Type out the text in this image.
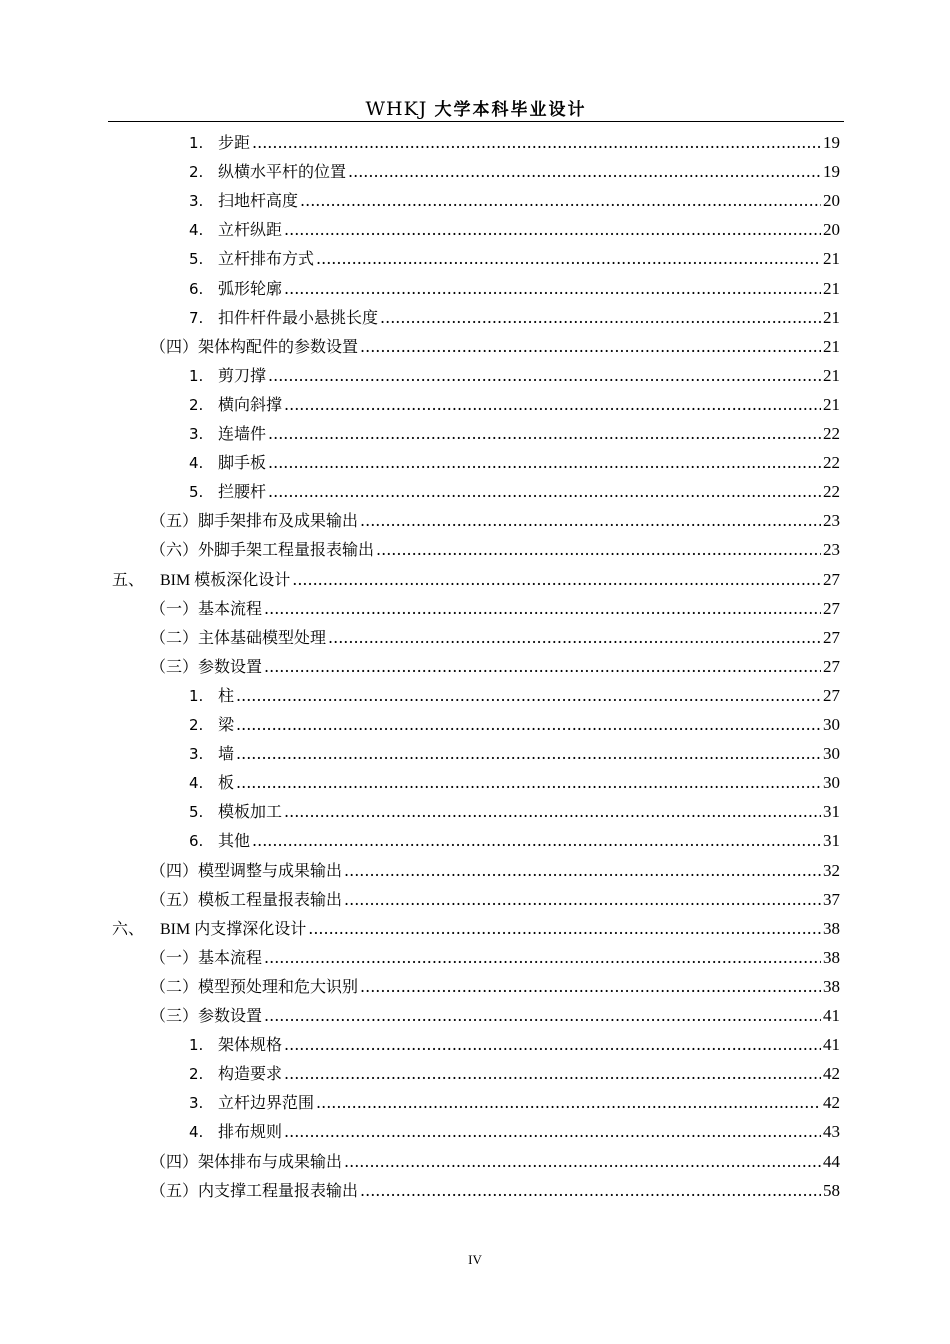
WHKJ 大学本科毕业设计
1. 步距 .....	19
2. 纵横水平杆的位置 .....	19
3. 扫地杆高度 .....	20
4. 立杆纵距 .....	20
5. 立杆排布方式 .....	21
6. 弧形轮廓 .....	21
7. 扣件杆件最小悬挑长度 .....	21
（四） 架体构配件的参数设置 .....	21
1. 剪刀撑 .....	21
2. 横向斜撑 .....	21
3. 连墙件 .....	22
4. 脚手板 .....	22
5. 拦腰杆 .....	22
（五） 脚手架排布及成果输出 .....	23
（六） 外脚手架工程量报表输出 .....	23
五、 BIM 模板深化设计 .....	27
（一） 基本流程 .....	27
（二） 主体基础模型处理 .....	27
（三） 参数设置 .....	27
1. 柱 .....	27
2. 梁 .....	30
3. 墙 .....	30
4. 板 .....	30
5. 模板加工 .....	31
6. 其他 .....	31
（四） 模型调整与成果输出 .....	32
（五） 模板工程量报表输出 .....	37
六、 BIM 内支撑深化设计 .....	38
（一） 基本流程 .....	38
（二） 模型预处理和危大识别 .....	38
（三） 参数设置 .....	41
1. 架体规格 .....	41
2. 构造要求 .....	42
3. 立杆边界范围 .....	42
4. 排布规则 .....	43
（四） 架体排布与成果输出 .....	44
（五） 内支撑工程量报表输出 .....	58
IV
